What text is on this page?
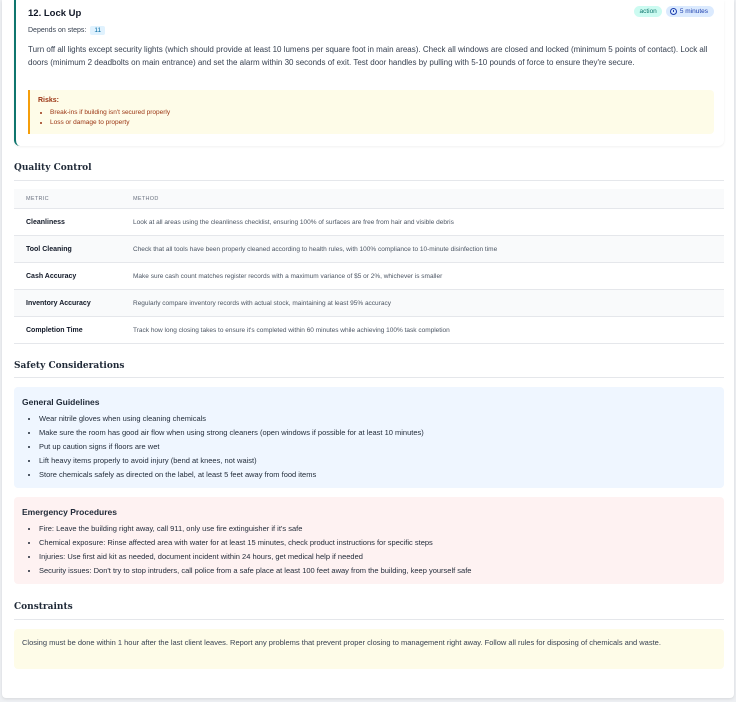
12. Lock Up	action	5 minutes
Depends on steps:	11
Turn off all lights except security lights (which should provide at least 10 lumens per square foot in main areas). Check all windows are closed and locked (minimum 5 points of contact). Lock all doors (minimum 2 deadbolts on main entrance) and set the alarm within 30 seconds of exit. Test door handles by pulling with 5-10 pounds of force to ensure they're secure.
Risks:
• Break-ins if building isn't secured properly
• Loss or damage to property
Quality Control
METRIC	METHOD
Cleanliness	Look at all areas using the cleanliness checklist, ensuring 100% of surfaces are free from hair and visible debris
Tool Cleaning	Check that all tools have been properly cleaned according to health rules, with 100% compliance to 10-minute disinfection time
Cash Accuracy	Make sure cash count matches register records with a maximum variance of $5 or 2%, whichever is smaller
Inventory Accuracy	Regularly compare inventory records with actual stock, maintaining at least 95% accuracy
Completion Time	Track how long closing takes to ensure it's completed within 60 minutes while achieving 100% task completion
Safety Considerations
General Guidelines
• Wear nitrile gloves when using cleaning chemicals
• Make sure the room has good air flow when using strong cleaners (open windows if possible for at least 10 minutes)
• Put up caution signs if floors are wet
• Lift heavy items properly to avoid injury (bend at knees, not waist)
• Store chemicals safely as directed on the label, at least 5 feet away from food items
Emergency Procedures
• Fire: Leave the building right away, call 911, only use fire extinguisher if it's safe
• Chemical exposure: Rinse affected area with water for at least 15 minutes, check product instructions for specific steps
• Injuries: Use first aid kit as needed, document incident within 24 hours, get medical help if needed
• Security issues: Don't try to stop intruders, call police from a safe place at least 100 feet away from the building, keep yourself safe
Constraints
Closing must be done within 1 hour after the last client leaves. Report any problems that prevent proper closing to management right away. Follow all rules for disposing of chemicals and waste.
